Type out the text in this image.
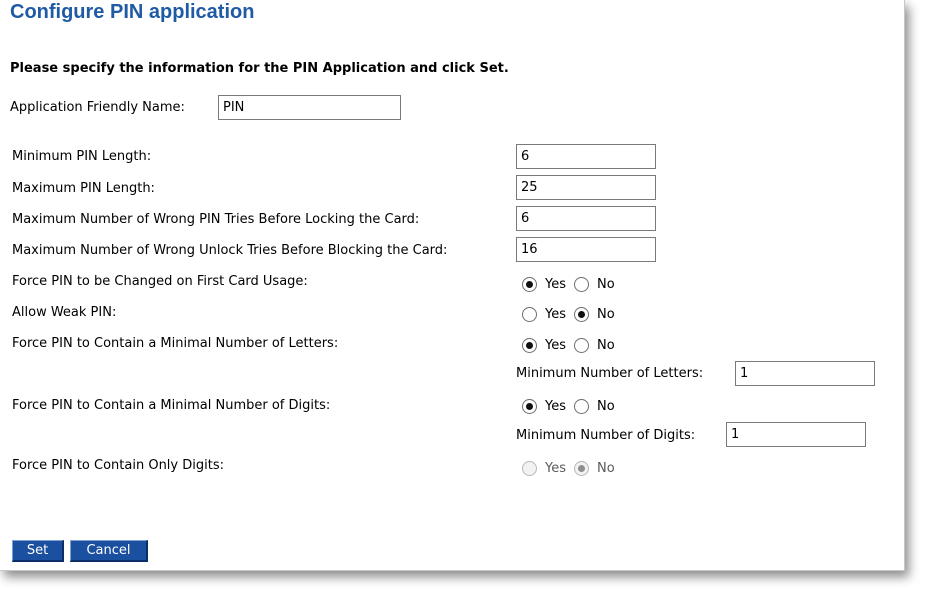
Configure PIN application
Please specify the information for the PIN Application and click Set.
Application Friendly Name:
PIN
Minimum PIN Length:
6
Maximum PIN Length:
25
Maximum Number of Wrong PIN Tries Before Locking the Card:
6
Maximum Number of Wrong Unlock Tries Before Blocking the Card:
16
Force PIN to be Changed on First Card Usage:	Yes No
Allow Weak PIN:	Yes No
Force PIN to Contain a Minimal Number of Letters:	Yes No
Minimum Number of Letters:
1
Force PIN to Contain a Minimal Number of Digits:	Yes No
Minimum Number of Digits:
1
Force PIN to Contain Only Digits:	Yes No
Set	Cancel
